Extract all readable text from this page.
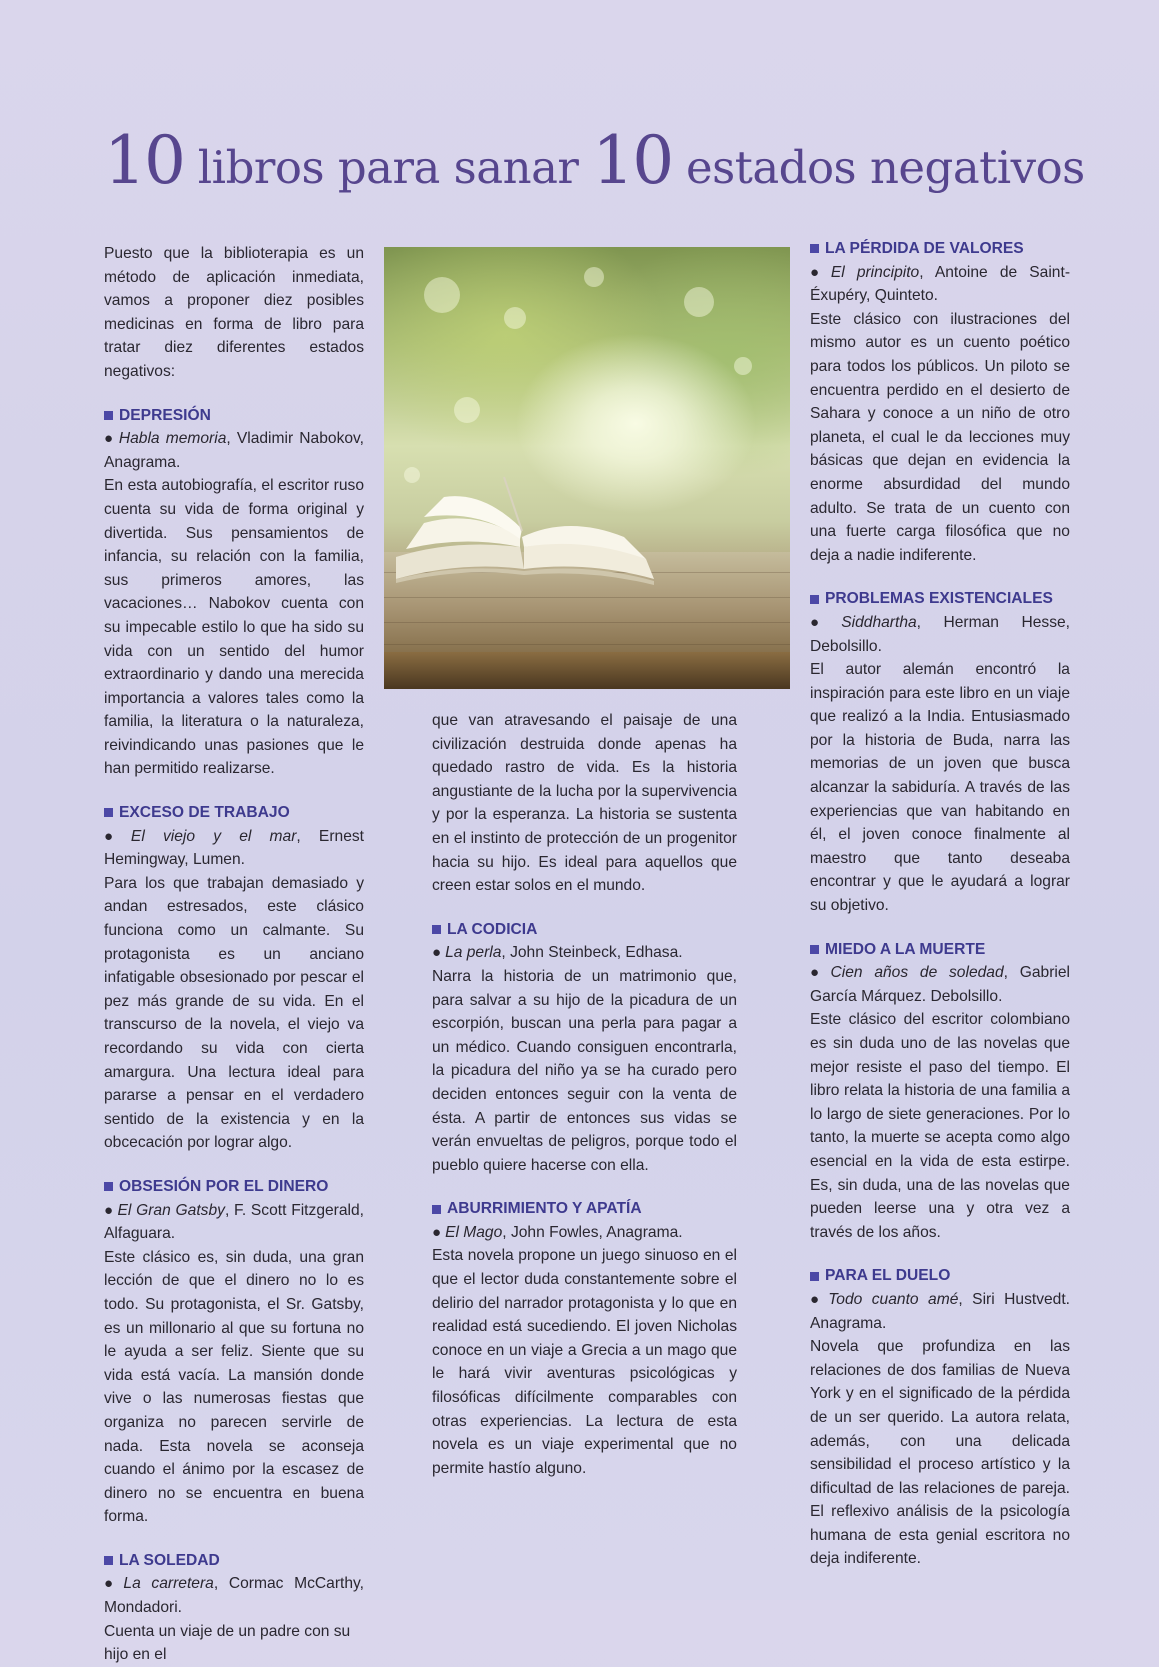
10 libros para sanar 10 estados negativos

Puesto que la biblioterapia es un método de aplicación inmediata, vamos a proponer diez posibles medicinas en forma de libro para tratar diez diferentes estados negativos:

DEPRESIÓN

● Habla memoria, Vladimir Nabokov, Anagrama.

En esta autobiografía, el escritor ruso cuenta su vida de forma original y divertida. Sus pensamientos de infancia, su relación con la familia, sus primeros amores, las vacaciones… Nabokov cuenta con su impecable estilo lo que ha sido su vida con un sentido del humor extraordinario y dando una merecida importancia a valores tales como la familia, la literatura o la naturaleza, reivindicando unas pasiones que le han permitido realizarse.

EXCESO DE TRABAJO

● El viejo y el mar, Ernest Hemingway, Lumen.

Para los que trabajan demasiado y andan estresados, este clásico funciona como un calmante. Su protagonista es un anciano infatigable obsesionado por pescar el pez más grande de su vida. En el transcurso de la novela, el viejo va recordando su vida con cierta amargura. Una lectura ideal para pararse a pensar en el verdadero sentido de la existencia y en la obcecación por lograr algo.

OBSESIÓN POR EL DINERO

● El Gran Gatsby, F. Scott Fitzgerald, Alfaguara.

Este clásico es, sin duda, una gran lección de que el dinero no lo es todo. Su protagonista, el Sr. Gatsby, es un millonario al que su fortuna no le ayuda a ser feliz. Siente que su vida está vacía. La mansión donde vive o las numerosas fiestas que organiza no parecen servirle de nada. Esta novela se aconseja cuando el ánimo por la escasez de dinero no se encuentra en buena forma.

LA SOLEDAD

● La carretera, Cormac McCarthy, Mondadori.

Cuenta un viaje de un padre con su hijo en el

que van atravesando el paisaje de una civilización destruida donde apenas ha quedado rastro de vida. Es la historia angustiante de la lucha por la supervivencia y por la esperanza. La historia se sustenta en el instinto de protección de un progenitor hacia su hijo. Es ideal para aquellos que creen estar solos en el mundo.

LA CODICIA

● La perla, John Steinbeck, Edhasa.

Narra la historia de un matrimonio que, para salvar a su hijo de la picadura de un escorpión, buscan una perla para pagar a un médico. Cuando consiguen encontrarla, la picadura del niño ya se ha curado pero deciden entonces seguir con la venta de ésta. A partir de entonces sus vidas se verán envueltas de peligros, porque todo el pueblo quiere hacerse con ella.

ABURRIMIENTO Y APATÍA

● El Mago, John Fowles, Anagrama.

Esta novela propone un juego sinuoso en el que el lector duda constantemente sobre el delirio del narrador protagonista y lo que en realidad está sucediendo. El joven Nicholas conoce en un viaje a Grecia a un mago que le hará vivir aventuras psicológicas y filosóficas difícilmente comparables con otras experiencias. La lectura de esta novela es un viaje experimental que no permite hastío alguno.

LA PÉRDIDA DE VALORES

● El principito, Antoine de Saint-Éxupéry, Quinteto.

Este clásico con ilustraciones del mismo autor es un cuento poético para todos los públicos. Un piloto se encuentra perdido en el desierto de Sahara y conoce a un niño de otro planeta, el cual le da lecciones muy básicas que dejan en evidencia la enorme absurdidad del mundo adulto. Se trata de un cuento con una fuerte carga filosófica que no deja a nadie indiferente.

PROBLEMAS EXISTENCIALES

● Siddhartha, Herman Hesse, Debolsillo.

El autor alemán encontró la inspiración para este libro en un viaje que realizó a la India. Entusiasmado por la historia de Buda, narra las memorias de un joven que busca alcanzar la sabiduría. A través de las experiencias que van habitando en él, el joven conoce finalmente al maestro que tanto deseaba encontrar y que le ayudará a lograr su objetivo.

MIEDO A LA MUERTE

● Cien años de soledad, Gabriel García Márquez. Debolsillo.

Este clásico del escritor colombiano es sin duda uno de las novelas que mejor resiste el paso del tiempo. El libro relata la historia de una familia a lo largo de siete generaciones. Por lo tanto, la muerte se acepta como algo esencial en la vida de esta estirpe. Es, sin duda, una de las novelas que pueden leerse una y otra vez a través de los años.

PARA EL DUELO

● Todo cuanto amé, Siri Hustvedt. Anagrama.

Novela que profundiza en las relaciones de dos familias de Nueva York y en el significado de la pérdida de un ser querido. La autora relata, además, con una delicada sensibilidad el proceso artístico y la dificultad de las relaciones de pareja. El reflexivo análisis de la psicología humana de esta genial escritora no deja indiferente.
